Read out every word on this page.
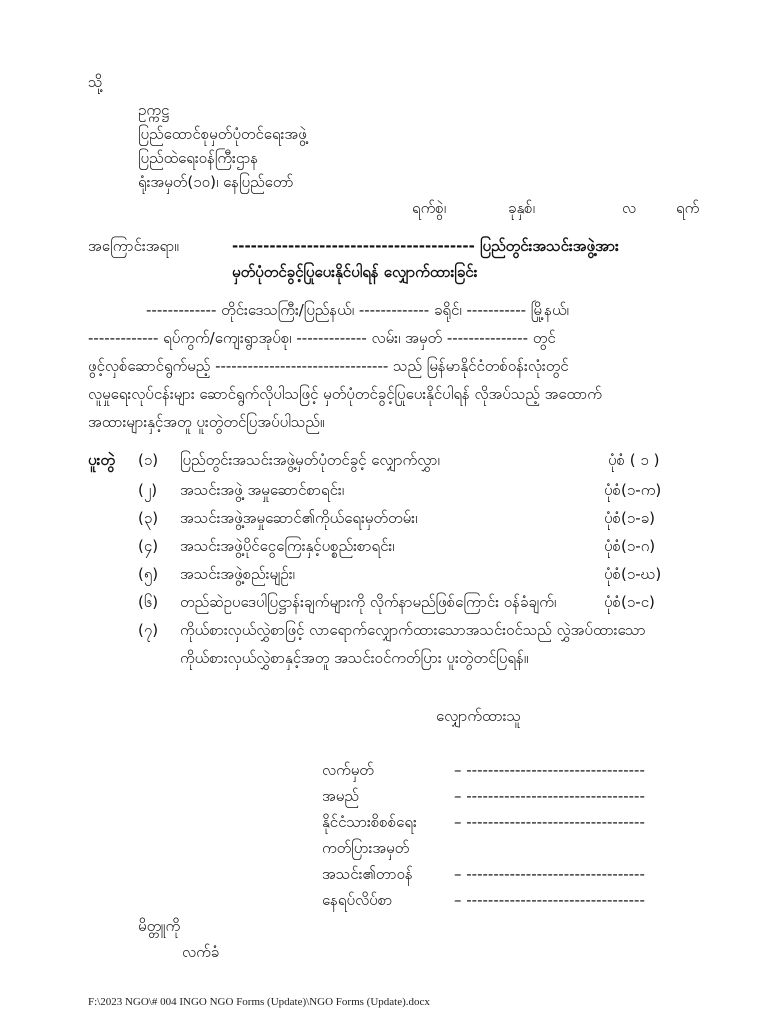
သို့
ဥက္ကဋ္ဌ
ပြည်ထောင်စုမှတ်ပုံတင်ရေးအဖွဲ့
ပြည်ထဲရေးဝန်ကြီးဌာန
ရုံးအမှတ်(၁၀)၊ နေပြည်တော်
ရက်စွဲ၊	ခုနှစ်၊	လ	ရက်
အကြောင်းအရာ။	--------------------------------------- ပြည်တွင်းအသင်းအဖွဲ့အား
မှတ်ပုံတင်ခွင့်ပြုပေးနိုင်ပါရန် လျှောက်ထားခြင်း
------------- တိုင်းဒေသကြီး/ပြည်နယ်၊ ------------- ခရိုင်၊ ----------- မြို့နယ်၊
------------- ရပ်ကွက်/ကျေးရွာအုပ်စု၊ ------------- လမ်း၊ အမှတ် --------------- တွင်
ဖွင့်လှစ်ဆောင်ရွက်မည့် -------------------------------- သည် မြန်မာနိုင်ငံတစ်ဝန်းလုံးတွင်
လူမှုရေးလုပ်ငန်းများ ဆောင်ရွက်လိုပါသဖြင့် မှတ်ပုံတင်ခွင့်ပြုပေးနိုင်ပါရန် လိုအပ်သည့် အထောက်
အထားများနှင့်အတူ ပူးတွဲတင်ပြအပ်ပါသည်။
ပူးတွဲ (၁) ပြည်တွင်းအသင်းအဖွဲ့မှတ်ပုံတင်ခွင့် လျှောက်လွှာ၊	ပုံစံ ( ၁ )
(၂) အသင်းအဖွဲ့ အမှုဆောင်စာရင်း၊	ပုံစံ(၁-က)
(၃) အသင်းအဖွဲ့အမှုဆောင်၏ကိုယ်ရေးမှတ်တမ်း၊	ပုံစံ(၁-ခ)
(၄) အသင်းအဖွဲ့ပိုင်ငွေကြေးနှင့်ပစ္စည်းစာရင်း၊	ပုံစံ(၁-ဂ)
(၅) အသင်းအဖွဲ့စည်းမျဉ်း၊	ပုံစံ(၁-ဃ)
(၆) တည်ဆဲဥပဒေပါပြဋ္ဌာန်းချက်များကို လိုက်နာမည်ဖြစ်ကြောင်း ဝန်ခံချက်၊	ပုံစံ(၁-င)
(၇) ကိုယ်စားလှယ်လွှဲစာဖြင့် လာရောက်လျှောက်ထားသောအသင်းဝင်သည် လွှဲအပ်ထားသော
ကိုယ်စားလှယ်လွှဲစာနှင့်အတူ အသင်းဝင်ကတ်ပြား ပူးတွဲတင်ပြရန်။
လျှောက်ထားသူ
လက်မှတ်	– ---------------------------------
အမည်	– ---------------------------------
နိုင်ငံသားစိစစ်ရေး – ---------------------------------
ကတ်ပြားအမှတ်
အသင်း၏တာဝန်	– ---------------------------------
နေရပ်လိပ်စာ	– ---------------------------------
မိတ္တူကို
လက်ခံ
F:\2023 NGO\# 004 INGO NGO Forms (Update)\NGO Forms (Update).docx
